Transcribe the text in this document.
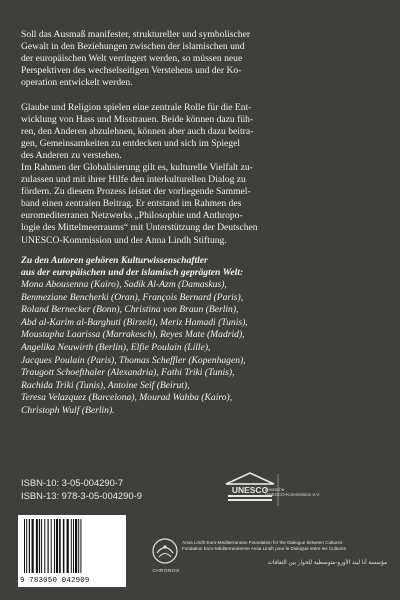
Soll das Ausmaß manifester, struktureller und symbolischer
Gewalt in den Beziehungen zwischen der islamischen und
der europäischen Welt verringert werden, so müssen neue
Perspektiven des wechselseitigen Verstehens und der Ko-
operation entwickelt werden.

Glaube und Religion spielen eine zentrale Rolle für die Ent-
wicklung von Hass und Misstrauen. Beide können dazu füh-
ren, den Anderen abzulehnen, können aber auch dazu beitra-
gen, Gemeinsamkeiten zu entdecken und sich im Spiegel
des Anderen zu verstehen.

Im Rahmen der Globalisierung gilt es, kulturelle Vielfalt zu-
zulassen und mit ihrer Hilfe den interkulturellen Dialog zu
fördern. Zu diesem Prozess leistet der vorliegende Sammel-
band einen zentralen Beitrag. Er entstand im Rahmen des
euromediterranen Netzwerks „Philosophie und Anthropo-
logie des Mittelmeerraums“ mit Unterstützung der Deutschen
UNESCO-Kommission und der Anna Lindh Stiftung.

Zu den Autoren gehören Kulturwissenschaftler
aus der europäischen und der islamisch geprägten Welt:

Mona Abousenna (Kairo), Sadik Al-Azm (Damaskus),
Benmeziane Bencherki (Oran), François Bernard (Paris),
Roland Bernecker (Bonn), Christina von Braun (Berlin),
Abd al-Karim al-Barghuti (Birzeit), Meriz Hamadi (Tunis),
Moustapha Laarissa (Marrakesch), Reyes Mate (Madrid),
Angelika Neuwirth (Berlin), Elfie Poulain (Lille),
Jacques Poulain (Paris), Thomas Scheffler (Kopenhagen),
Traugott Schoefthaler (Alexandria), Fathi Triki (Tunis),
Rachida Triki (Tunis), Antoine Seif (Beirut),
Teresa Velazquez (Barcelona), Mourad Wahba (Kairo),
Christoph Wulf (Berlin).

ISBN-10: 3-05-004290-7
ISBN-13: 978-3-05-004290-9	UNESCO
Deutsche
UNESCO-Kommission e.V.
9 783050 042909
CHRONOS
Anna Lindh Euro-Mediterranean Foundation for the Dialogue between Cultures
Fondation Euro-Méditerranéenne Anna Lindh pour le Dialogue entre les Cultures
مؤسسة أنا ليند الأورو-متوسطية للحوار بين الثقافات
